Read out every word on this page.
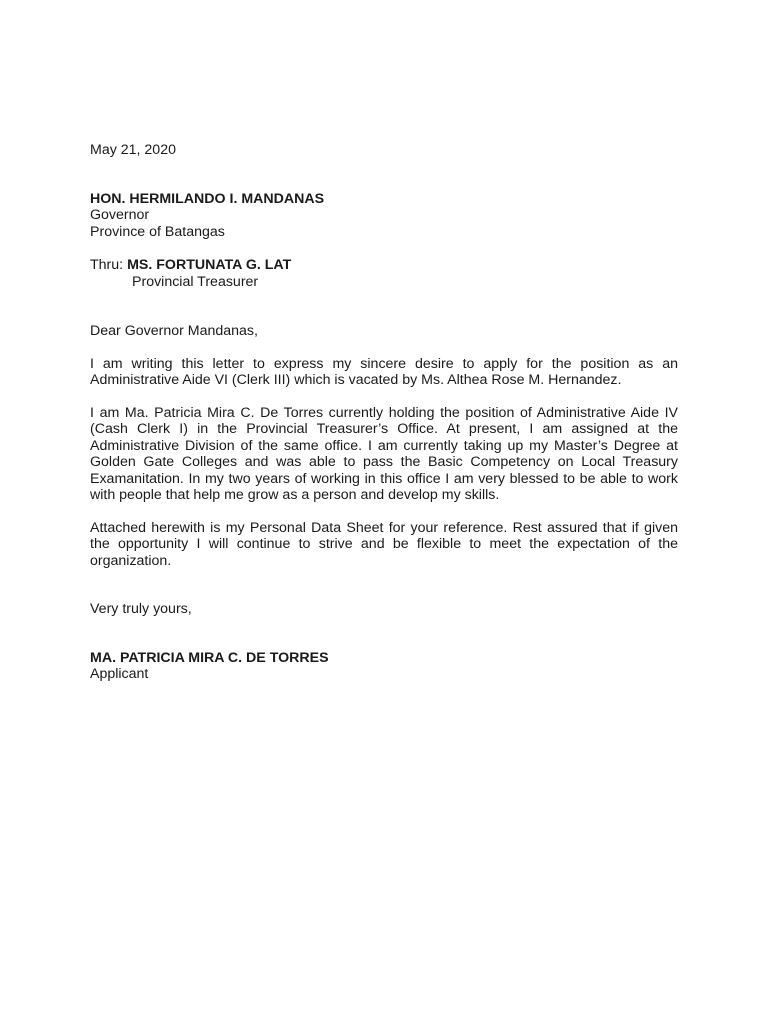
May 21, 2020

HON. HERMILANDO I. MANDANAS
Governor
Province of Batangas
Thru: MS. FORTUNATA G. LAT
Provincial Treasurer

Dear Governor Mandanas,

I am writing this letter to express my sincere desire to apply for the position as an Administrative Aide VI (Clerk III) which is vacated by Ms. Althea Rose M. Hernandez.

I am Ma. Patricia Mira C. De Torres currently holding the position of Administrative Aide IV (Cash Clerk I) in the Provincial Treasurer’s Office. At present, I am assigned at the Administrative Division of the same office. I am currently taking up my Master’s Degree at Golden Gate Colleges and was able to pass the Basic Competency on Local Treasury Examanitation. In my two years of working in this office I am very blessed to be able to work with people that help me grow as a person and develop my skills.

Attached herewith is my Personal Data Sheet for your reference. Rest assured that if given the opportunity I will continue to strive and be flexible to meet the expectation of the organization.

Very truly yours,

MA. PATRICIA MIRA C. DE TORRES
Applicant
